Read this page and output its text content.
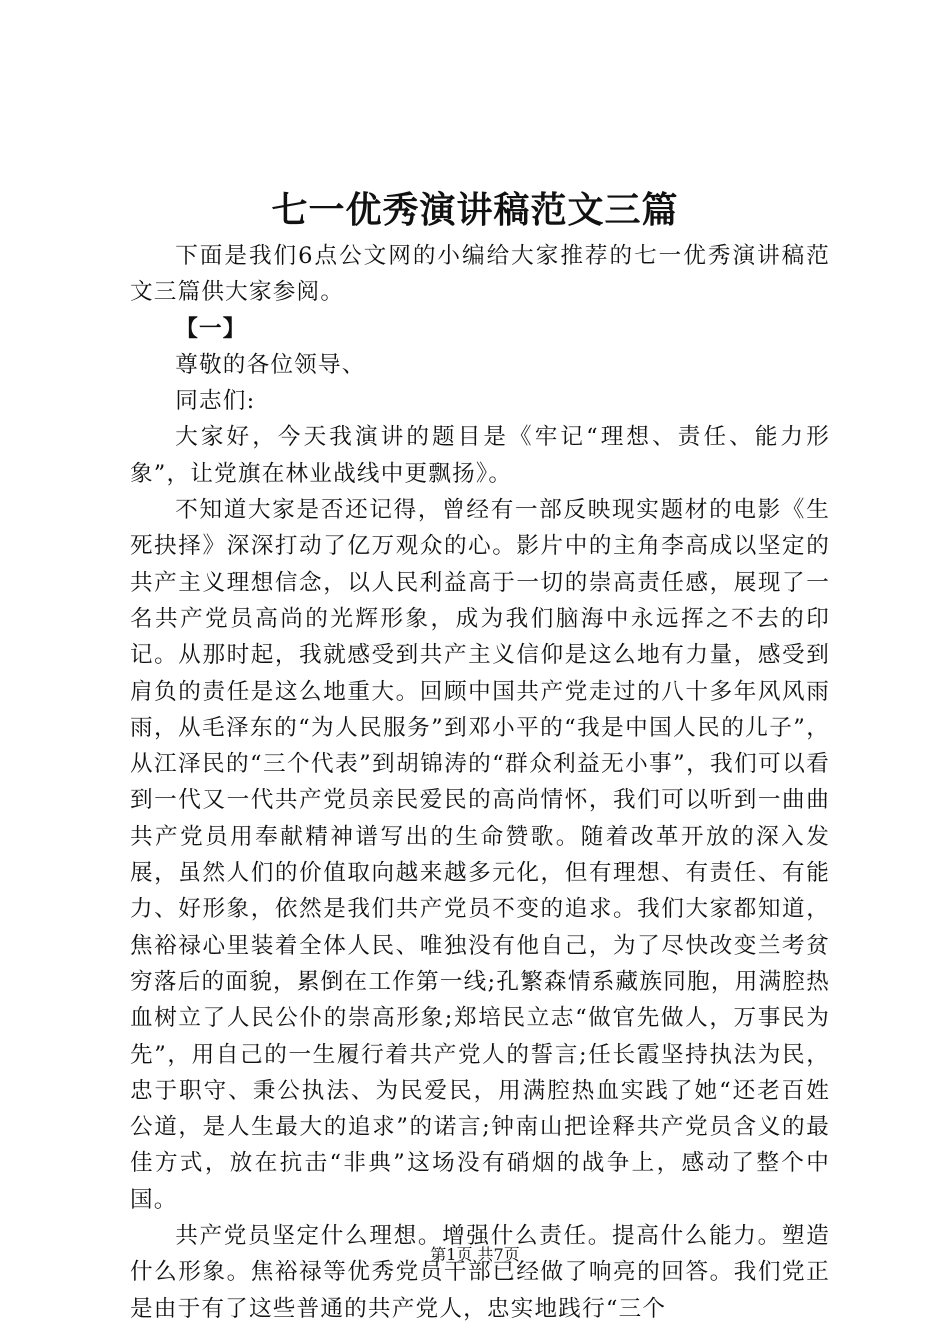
七一优秀演讲稿范文三篇

下面是我们6点公文网的小编给大家推荐的七一优秀演讲稿范文三篇供大家参阅。

【一】

尊敬的各位领导、

同志们:

大家好，今天我演讲的题目是《牢记“理想、责任、能力形象”，让党旗在林业战线中更飘扬》。

不知道大家是否还记得，曾经有一部反映现实题材的电影《生死抉择》深深打动了亿万观众的心。影片中的主角李高成以坚定的共产主义理想信念，以人民利益高于一切的崇高责任感，展现了一名共产党员高尚的光辉形象，成为我们脑海中永远挥之不去的印记。从那时起，我就感受到共产主义信仰是这么地有力量，感受到肩负的责任是这么地重大。回顾中国共产党走过的八十多年风风雨雨，从毛泽东的“为人民服务”到邓小平的“我是中国人民的儿子”，从江泽民的“三个代表”到胡锦涛的“群众利益无小事”，我们可以看到一代又一代共产党员亲民爱民的高尚情怀，我们可以听到一曲曲共产党员用奉献精神谱写出的生命赞歌。随着改革开放的深入发展，虽然人们的价值取向越来越多元化，但有理想、有责任、有能力、好形象，依然是我们共产党员不变的追求。我们大家都知道，焦裕禄心里装着全体人民、唯独没有他自己，为了尽快改变兰考贫穷落后的面貌，累倒在工作第一线;孔繁森情系藏族同胞，用满腔热血树立了人民公仆的崇高形象;郑培民立志“做官先做人，万事民为先”，用自己的一生履行着共产党人的誓言;任长霞坚持执法为民，忠于职守、秉公执法、为民爱民，用满腔热血实践了她“还老百姓公道，是人生最大的追求”的诺言;钟南山把诠释共产党员含义的最佳方式，放在抗击“非典”这场没有硝烟的战争上，感动了整个中国。

共产党员坚定什么理想。增强什么责任。提高什么能力。塑造什么形象。焦裕禄等优秀党员干部已经做了响亮的回答。我们党正是由于有了这些普通的共产党人，忠实地践行“三个

第1页 共7页
